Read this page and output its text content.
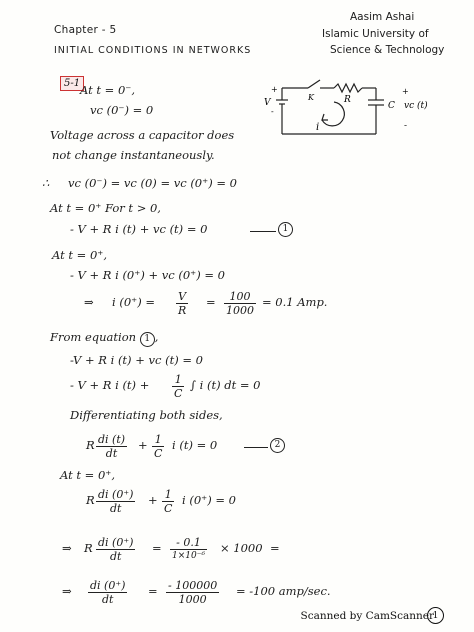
Chapter - 5
INITIAL CONDITIONS IN NETWORKS
Aasim Ashai
Islamic University of
Science & Technology
5-1
V
+
-
K	R
C vc (t)
+
-
i
At t = 0⁻,
vc (0⁻) = 0
Voltage across a capacitor does
not change instantaneously.
∴ vc (0⁻) = vc (0) = vc (0⁺) = 0
At t = 0⁺ For t > 0,
- V + R i (t) + vc (t) = 0	1
At t = 0⁺,
- V + R i (0⁺) + vc (0⁺) = 0
⇒ i $(0^+) = \frac{V}{R} = \frac{100}{1000} = 0.1$ Amp.
From equation 1 ,
-V + R i (t) + vc (t) = 0
- V + R i $(t) + \frac{1}{C}$ ∫ i (t) dt = 0
Differentiating both sides,
R $\frac{di (t)}{dt} + \frac{1}{C}$ i (t) = 0	2
At t = 0⁺,
R $\frac{di (0^+)}{dt} + \frac{1}{C}$ i (0⁺) = 0
⇒ R $\frac{di (0^+)}{dt}$ =	- 0.1
1×10⁻⁶
× 1000 =
⇒ $\frac{di (0^+)}{dt} = \frac{- 100000}{1000} = -100$ amp/sec.
Scanned by CamScanner
1
